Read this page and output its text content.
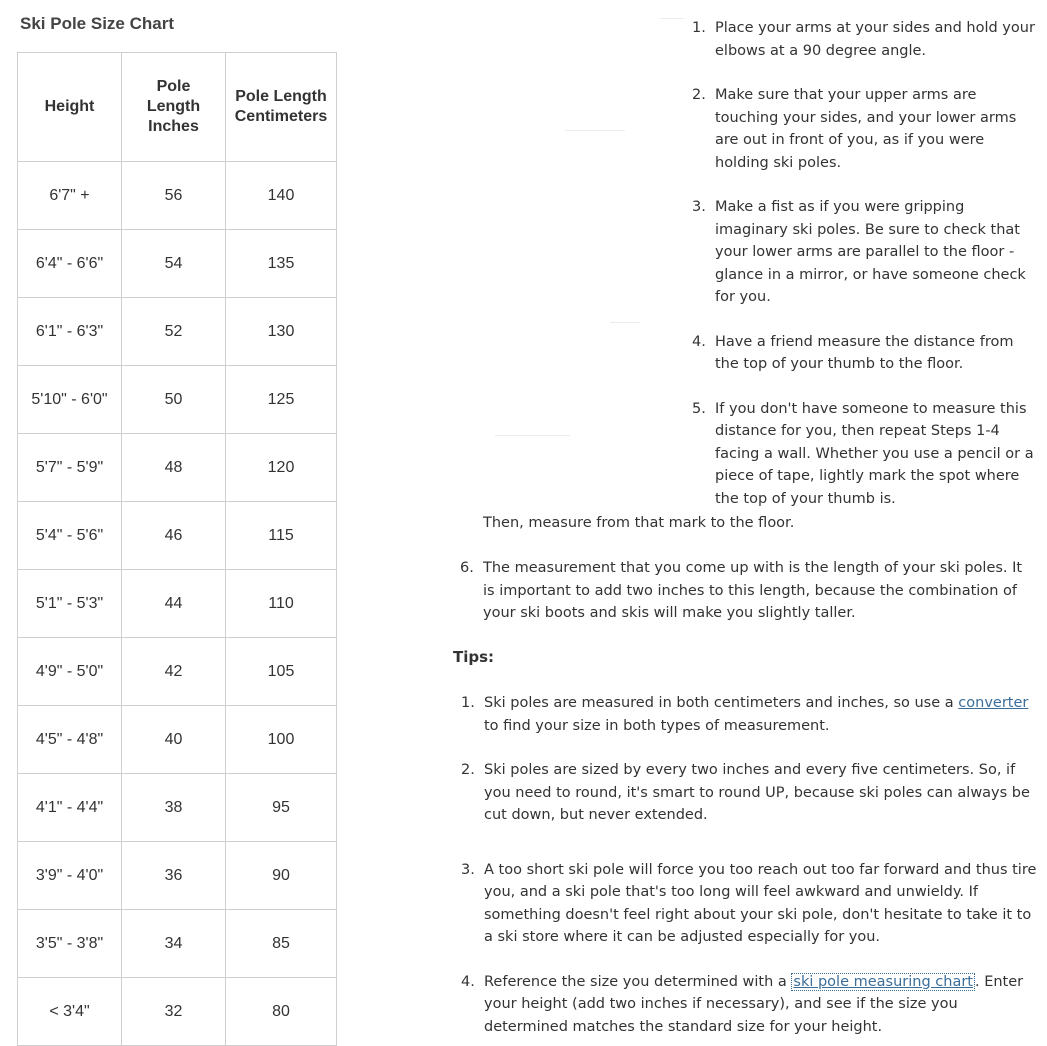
Ski Pole Size Chart
Height	Pole Length Inches	Pole Length Centimeters
6'7" +	56	140
6'4" - 6'6"	54	135
6'1" - 6'3"	52	130
5'10" - 6'0"	50	125
5'7" - 5'9"	48	120
5'4" - 5'6"	46	115
5'1" - 5'3"	44	110
4'9" - 5'0"	42	105
4'5" - 4'8"	40	100
4'1" - 4'4"	38	95
3'9" - 4'0"	36	90
3'5" - 3'8"	34	85
< 3'4"	32	80
1. Place your arms at your sides and hold your elbows at a 90 degree angle.
2. Make sure that your upper arms are touching your sides, and your lower arms are out in front of you, as if you were holding ski poles.
3. Make a fist as if you were gripping imaginary ski poles. Be sure to check that your lower arms are parallel to the floor - glance in a mirror, or have someone check for you.
4. Have a friend measure the distance from the top of your thumb to the floor.
5. If you don't have someone to measure this distance for you, then repeat Steps 1-4 facing a wall. Whether you use a pencil or a piece of tape, lightly mark the spot where the top of your thumb is.
Then, measure from that mark to the floor.
6. The measurement that you come up with is the length of your ski poles. It is important to add two inches to this length, because the combination of your ski boots and skis will make you slightly taller.
Tips:
1. Ski poles are measured in both centimeters and inches, so use a converter to find your size in both types of measurement.
2. Ski poles are sized by every two inches and every five centimeters. So, if you need to round, it's smart to round UP, because ski poles can always be cut down, but never extended.
3. A too short ski pole will force you too reach out too far forward and thus tire you, and a ski pole that's too long will feel awkward and unwieldy. If something doesn't feel right about your ski pole, don't hesitate to take it to a ski store where it can be adjusted especially for you.
4. Reference the size you determined with a ski pole measuring chart . Enter your height (add two inches if necessary), and see if the size you determined matches the standard size for your height.
